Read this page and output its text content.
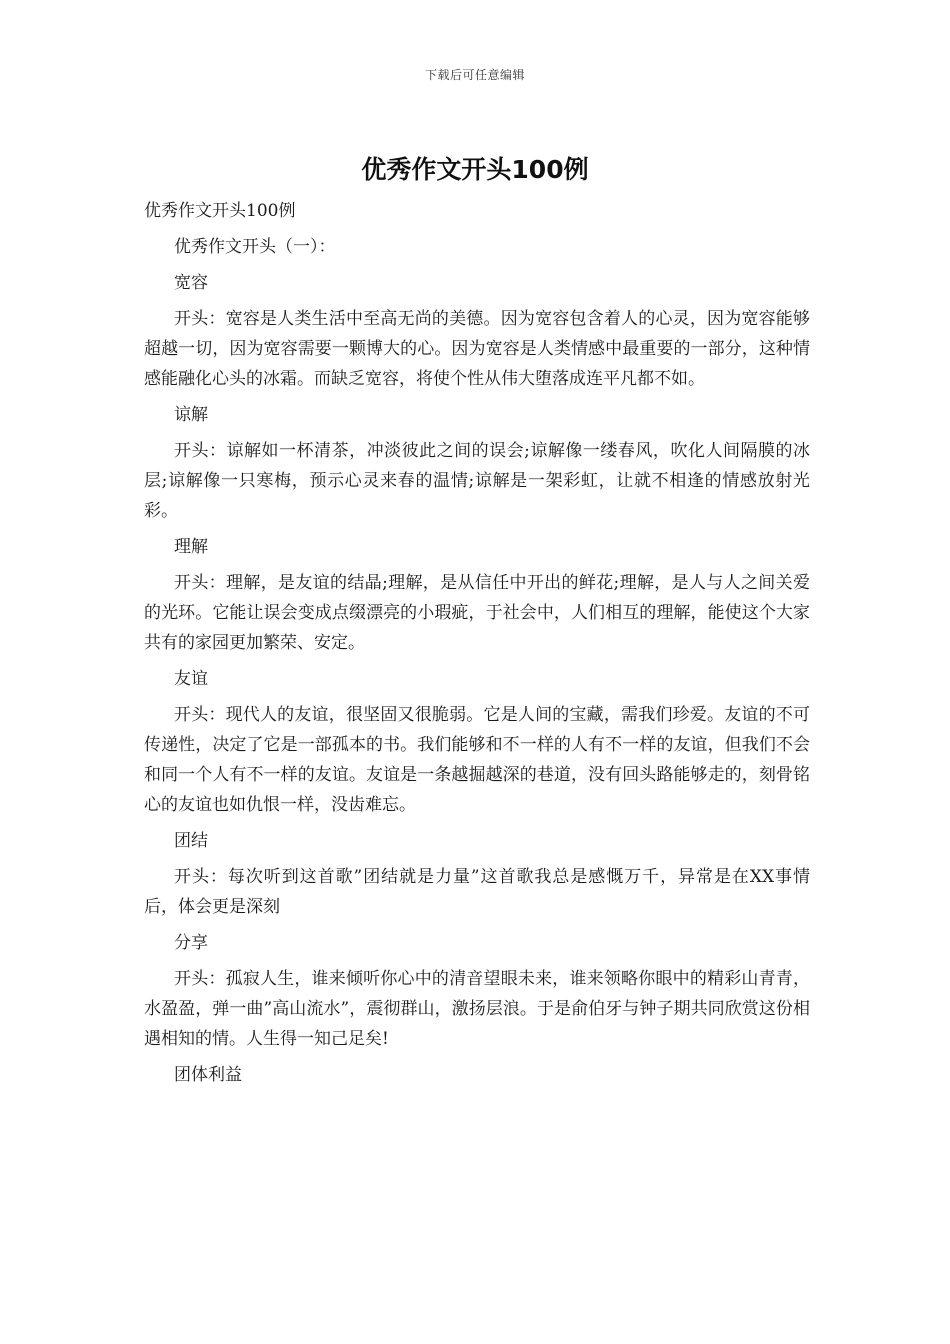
下载后可任意编辑
优秀作文开头100例

优秀作文开头100例

优秀作文开头（一）：

宽容

开头：宽容是人类生活中至高无尚的美德。因为宽容包含着人的心灵，因为宽容能够超越一切，因为宽容需要一颗博大的心。因为宽容是人类情感中最重要的一部分，这种情感能融化心头的冰霜。而缺乏宽容，将使个性从伟大堕落成连平凡都不如。

谅解

开头：谅解如一杯清茶，冲淡彼此之间的误会;谅解像一缕春风，吹化人间隔膜的冰层;谅解像一只寒梅，预示心灵来春的温情;谅解是一架彩虹，让就不相逢的情感放射光彩。

理解

开头：理解，是友谊的结晶;理解，是从信任中开出的鲜花;理解，是人与人之间关爱的光环。它能让误会变成点缀漂亮的小瑕疵，于社会中，人们相互的理解，能使这个大家共有的家园更加繁荣、安定。

友谊

开头：现代人的友谊，很坚固又很脆弱。它是人间的宝藏，需我们珍爱。友谊的不可传递性，决定了它是一部孤本的书。我们能够和不一样的人有不一样的友谊，但我们不会和同一个人有不一样的友谊。友谊是一条越掘越深的巷道，没有回头路能够走的，刻骨铭心的友谊也如仇恨一样，没齿难忘。

团结

开头：每次听到这首歌”团结就是力量”这首歌我总是感慨万千，异常是在XX事情后，体会更是深刻

分享

开头：孤寂人生，谁来倾听你心中的清音望眼未来，谁来领略你眼中的精彩山青青，水盈盈，弹一曲”高山流水”，震彻群山，激扬层浪。于是俞伯牙与钟子期共同欣赏这份相遇相知的情。人生得一知己足矣!

团体利益
